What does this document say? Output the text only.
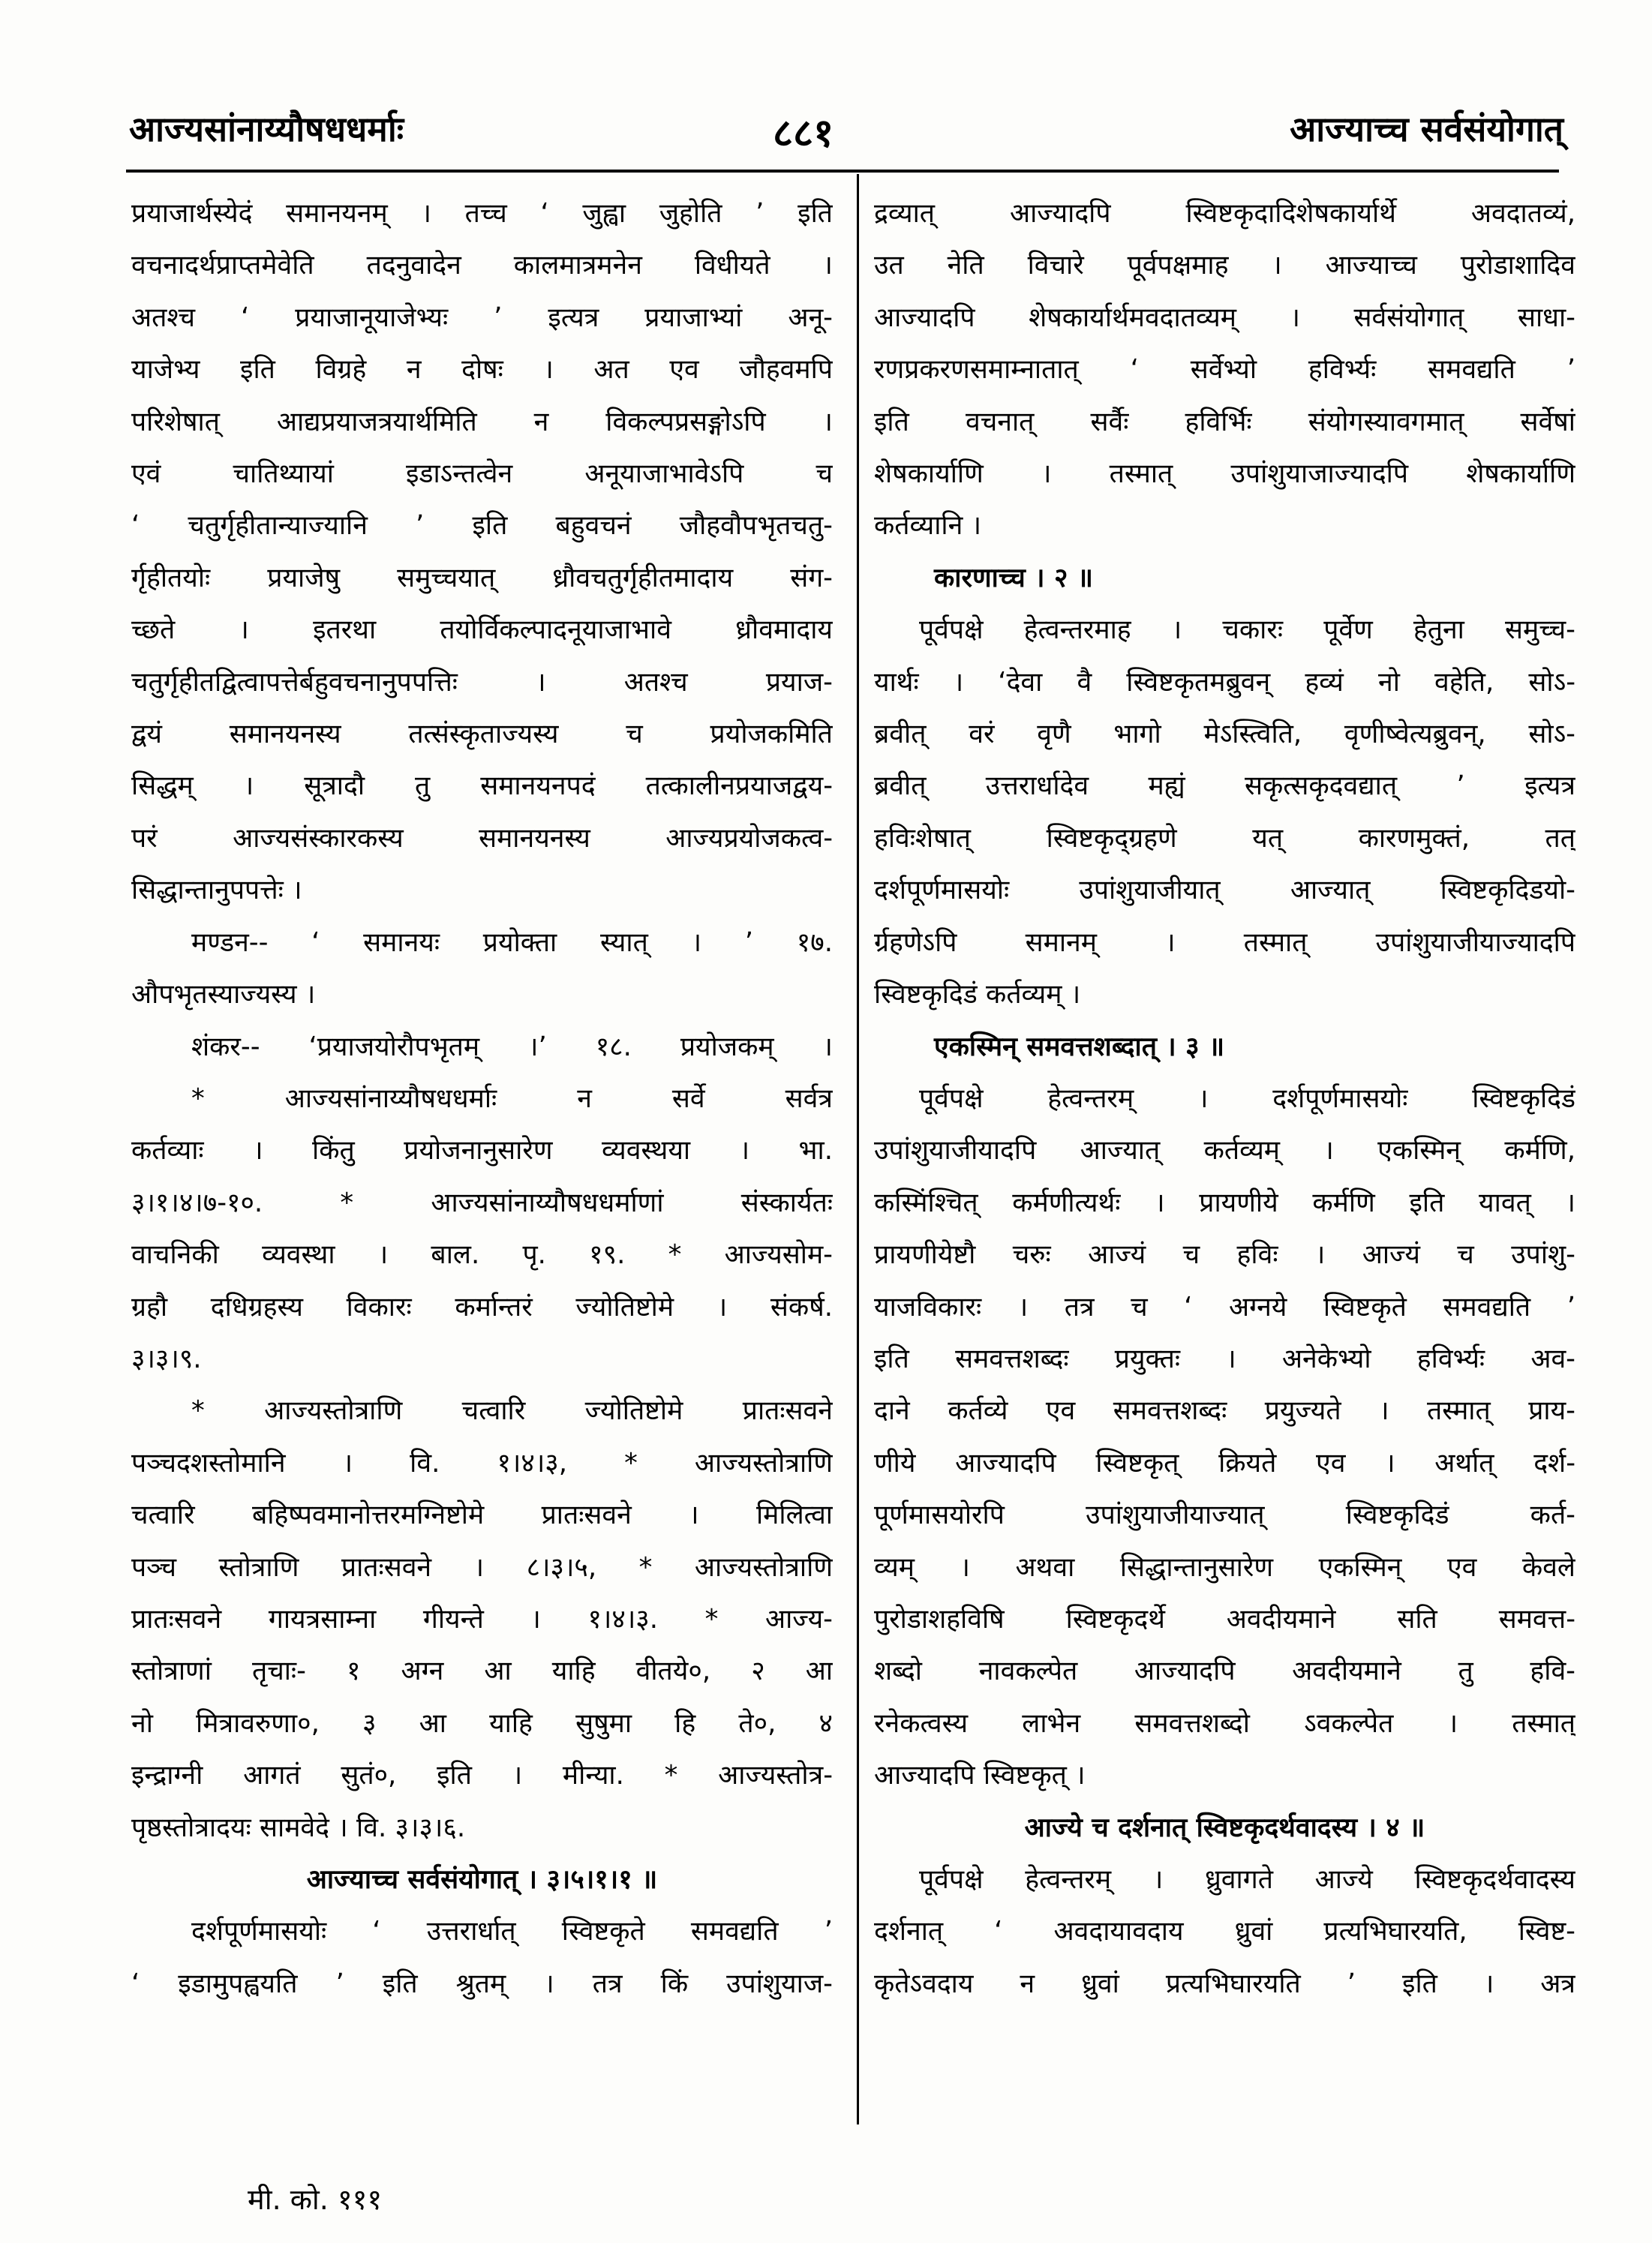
आज्यसांनाय्यौषधधर्माः	८८१	आज्याच्च सर्वसंयोगात्
प्रयाजार्थस्येदं समानयनम् । तच्च ‘ जुह्वा जुहोति ’ इति
वचनादर्थप्राप्तमेवेति तदनुवादेन कालमात्रमनेन विधीयते ।
अतश्च ‘ प्रयाजानूयाजेभ्यः ’ इत्यत्र प्रयाजाभ्यां अनू-
याजेभ्य इति विग्रहे न दोषः । अत एव जौहवमपि
परिशेषात् आद्यप्रयाजत्रयार्थमिति न विकल्पप्रसङ्गोऽपि ।
एवं चातिथ्यायां इडाऽन्तत्वेन अनूयाजाभावेऽपि च
‘ चतुर्गृहीतान्याज्यानि ’ इति बहुवचनं जौहवौपभृतचतु-
र्गृहीतयोः प्रयाजेषु समुच्चयात् ध्रौवचतुर्गृहीतमादाय संग-
च्छते । इतरथा तयोर्विकल्पादनूयाजाभावे ध्रौवमादाय
चतुर्गृहीतद्वित्वापत्तेर्बहुवचनानुपपत्तिः । अतश्च प्रयाज-
द्वयं समानयनस्य तत्संस्कृताज्यस्य च प्रयोजकमिति
सिद्धम् । सूत्रादौ तु समानयनपदं तत्कालीनप्रयाजद्वय-
परं आज्यसंस्कारकस्य समानयनस्य आज्यप्रयोजकत्व-
सिद्धान्तानुपपत्तेः ।
मण्डन-- ‘ समानयः प्रयोक्ता स्यात् । ’ १७.
औपभृतस्याज्यस्य ।
शंकर-- ‘प्रयाजयोरौपभृतम् ।’ १८. प्रयोजकम् ।
* आज्यसांनाय्यौषधधर्माः न सर्वे सर्वत्र
कर्तव्याः । किंतु प्रयोजनानुसारेण व्यवस्थया । भा.
३।१।४।७-१०. * आज्यसांनाय्यौषधधर्माणां संस्कार्यतः
वाचनिकी व्यवस्था । बाल. पृ. १९. * आज्यसोम-
ग्रहौ दधिग्रहस्य विकारः कर्मान्तरं ज्योतिष्टोमे । संकर्ष.
३।३।९.
* आज्यस्तोत्राणि चत्वारि ज्योतिष्टोमे प्रातःसवने
पञ्चदशस्तोमानि । वि. १।४।३, * आज्यस्तोत्राणि
चत्वारि बहिष्पवमानोत्तरमग्निष्टोमे प्रातःसवने । मिलित्वा
पञ्च स्तोत्राणि प्रातःसवने । ८।३।५, * आज्यस्तोत्राणि
प्रातःसवने गायत्रसाम्ना गीयन्ते । १।४।३. * आज्य-
स्तोत्राणां तृचाः- १ अग्न आ याहि वीतये०, २ आ
नो मित्रावरुणा०, ३ आ याहि सुषुमा हि ते०, ४
इन्द्राग्नी आगतं सुतं०, इति । मीन्या. * आज्यस्तोत्र-
पृष्ठस्तोत्रादयः सामवेदे । वि. ३।३।६.
आज्याच्च सर्वसंयोगात् । ३।५।१।१ ॥
दर्शपूर्णमासयोः ‘ उत्तरार्धात् स्विष्टकृते समवद्यति ’
‘ इडामुपह्वयति ’ इति श्रुतम् । तत्र किं उपांशुयाज-
द्रव्यात् आज्यादपि स्विष्टकृदादिशेषकार्यार्थे अवदातव्यं,
उत नेति विचारे पूर्वपक्षमाह । आज्याच्च पुरोडाशादिव
आज्यादपि शेषकार्यार्थमवदातव्यम् । सर्वसंयोगात् साधा-
रणप्रकरणसमाम्नातात् ‘ सर्वेभ्यो हविर्भ्यः समवद्यति ’
इति वचनात् सर्वैः हविर्भिः संयोगस्यावगमात् सर्वेषां
शेषकार्याणि । तस्मात् उपांशुयाजाज्यादपि शेषकार्याणि
कर्तव्यानि ।
कारणाच्च । २ ॥
पूर्वपक्षे हेत्वन्तरमाह । चकारः पूर्वेण हेतुना समुच्च-
यार्थः । ‘देवा वै स्विष्टकृतमब्रुवन् हव्यं नो वहेति, सोऽ-
ब्रवीत् वरं वृणै भागो मेऽस्त्विति, वृणीष्वेत्यब्रुवन्, सोऽ-
ब्रवीत् उत्तरार्धादेव मह्यं सकृत्सकृदवद्यात् ’ इत्यत्र
हविःशेषात् स्विष्टकृद्ग्रहणे यत् कारणमुक्तं, तत्
दर्शपूर्णमासयोः उपांशुयाजीयात् आज्यात् स्विष्टकृदिडयो-
र्ग्रहणेऽपि समानम् । तस्मात् उपांशुयाजीयाज्यादपि
स्विष्टकृदिडं कर्तव्यम् ।
एकस्मिन् समवत्तशब्दात् । ३ ॥
पूर्वपक्षे हेत्वन्तरम् । दर्शपूर्णमासयोः स्विष्टकृदिडं
उपांशुयाजीयादपि आज्यात् कर्तव्यम् । एकस्मिन् कर्मणि,
कस्मिंश्चित् कर्मणीत्यर्थः । प्रायणीये कर्मणि इति यावत् ।
प्रायणीयेष्टौ चरुः आज्यं च हविः । आज्यं च उपांशु-
याजविकारः । तत्र च ‘ अग्नये स्विष्टकृते समवद्यति ’
इति समवत्तशब्दः प्रयुक्तः । अनेकेभ्यो हविर्भ्यः अव-
दाने कर्तव्ये एव समवत्तशब्दः प्रयुज्यते । तस्मात् प्राय-
णीये आज्यादपि स्विष्टकृत् क्रियते एव । अर्थात् दर्श-
पूर्णमासयोरपि उपांशुयाजीयाज्यात् स्विष्टकृदिडं कर्त-
व्यम् । अथवा सिद्धान्तानुसारेण एकस्मिन् एव केवले
पुरोडाशहविषि स्विष्टकृदर्थे अवदीयमाने सति समवत्त-
शब्दो नावकल्पेत आज्यादपि अवदीयमाने तु हवि-
रनेकत्वस्य लाभेन समवत्तशब्दो ऽवकल्पेत । तस्मात्
आज्यादपि स्विष्टकृत् ।
आज्ये च दर्शनात् स्विष्टकृदर्थवादस्य । ४ ॥
पूर्वपक्षे हेत्वन्तरम् । ध्रुवागते आज्ये स्विष्टकृदर्थवादस्य
दर्शनात् ‘ अवदायावदाय ध्रुवां प्रत्यभिघारयति, स्विष्ट-
कृतेऽवदाय न ध्रुवां प्रत्यभिघारयति ’ इति । अत्र
मी. को. १११
